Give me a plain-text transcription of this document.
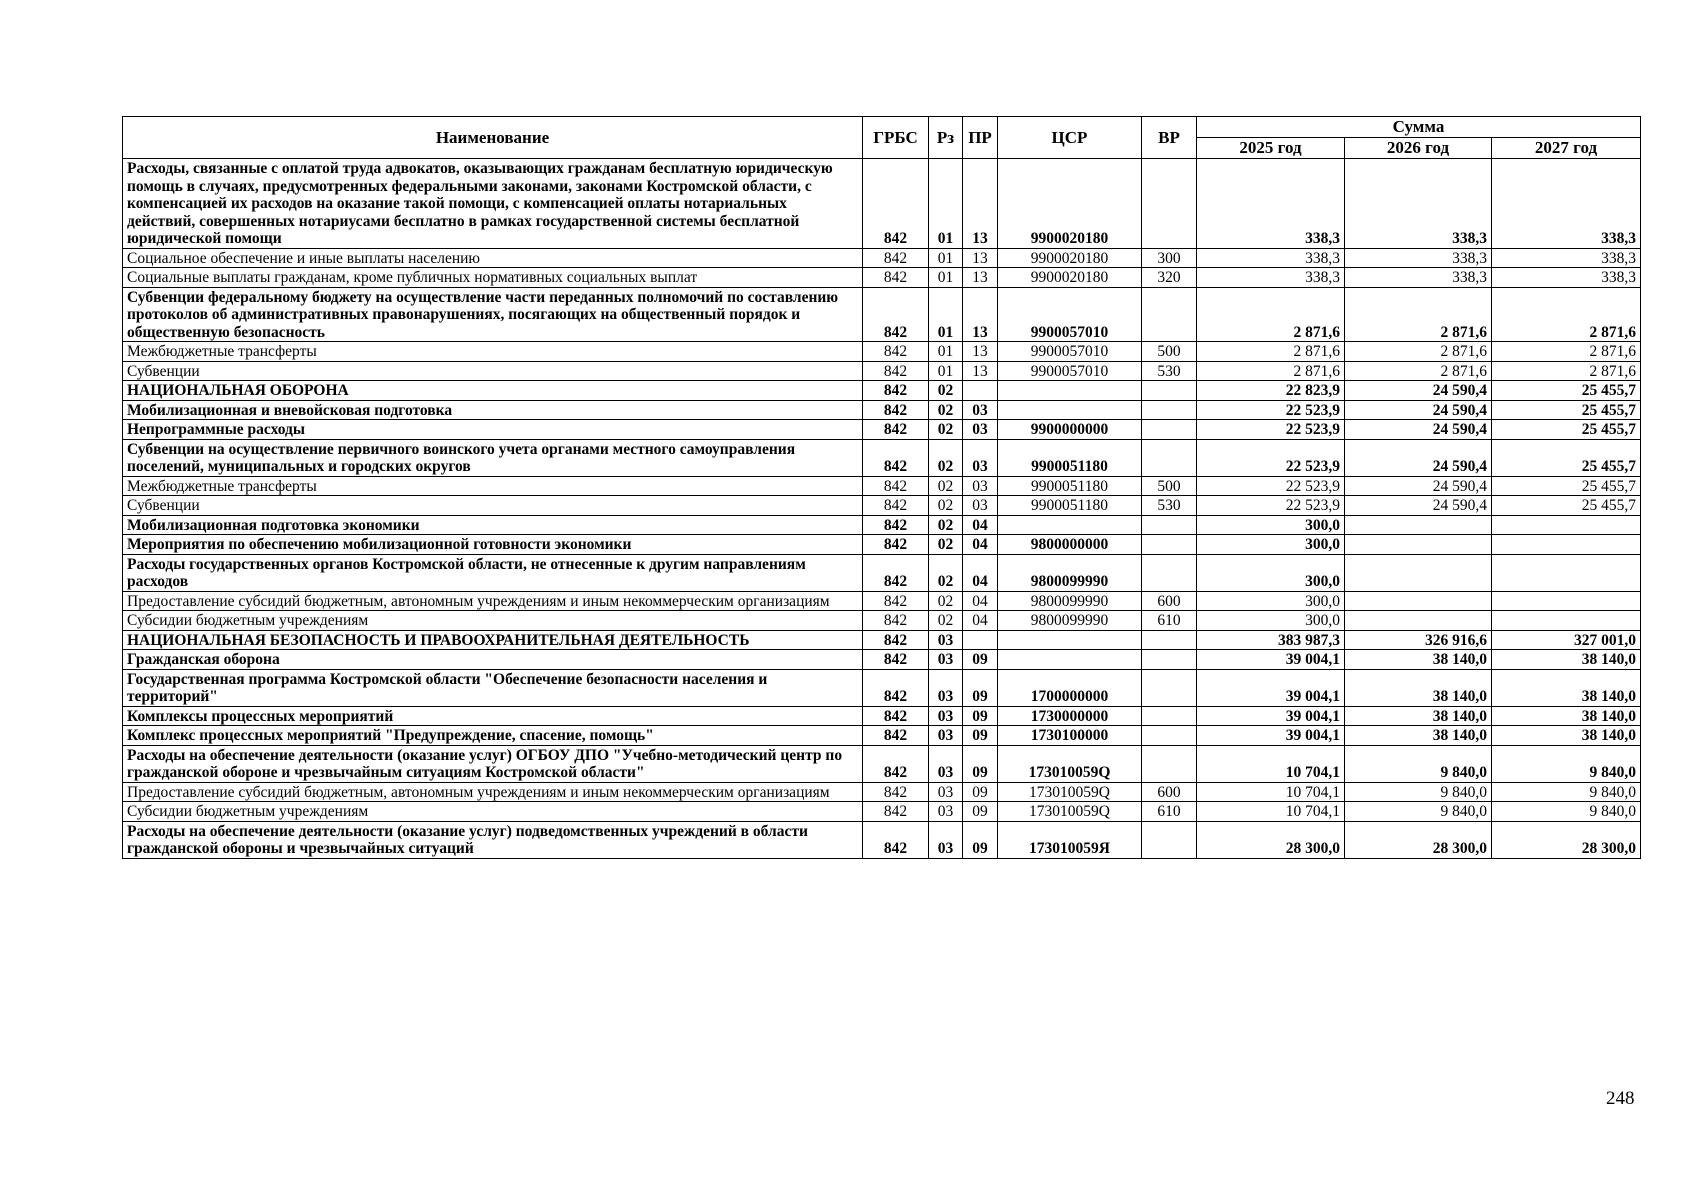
Наименование	ГРБС	Рз	ПР	ЦСР	ВР	Сумма		
						2025 год	2026 год	2027 год
Расходы, связанные с оплатой труда адвокатов, оказывающих гражданам бесплатную юридическую помощь в случаях, предусмотренных федеральными законами, законами Костромской области, с компенсацией их расходов на оказание такой помощи, с компенсацией оплаты нотариальных действий, совершенных нотариусами бесплатно в рамках государственной системы бесплатной юридической помощи	842	01	13	9900020180		338,3	338,3	338,3
Социальное обеспечение и иные выплаты населению	842	01	13	9900020180	300	338,3	338,3	338,3
Социальные выплаты гражданам, кроме публичных нормативных социальных выплат	842	01	13	9900020180	320	338,3	338,3	338,3
Субвенции федеральному бюджету на осуществление части переданных полномочий по составлению протоколов об административных правонарушениях, посягающих на общественный порядок и общественную безопасность	842	01	13	9900057010		2 871,6	2 871,6	2 871,6
Межбюджетные трансферты	842	01	13	9900057010	500	2 871,6	2 871,6	2 871,6
Субвенции	842	01	13	9900057010	530	2 871,6	2 871,6	2 871,6
НАЦИОНАЛЬНАЯ ОБОРОНА	842	02				22 823,9	24 590,4	25 455,7
Мобилизационная и вневойсковая подготовка	842	02	03			22 523,9	24 590,4	25 455,7
Непрограммные расходы	842	02	03	9900000000		22 523,9	24 590,4	25 455,7
Субвенции на осуществление первичного воинского учета органами местного самоуправления поселений, муниципальных и городских округов	842	02	03	9900051180		22 523,9	24 590,4	25 455,7
Межбюджетные трансферты	842	02	03	9900051180	500	22 523,9	24 590,4	25 455,7
Субвенции	842	02	03	9900051180	530	22 523,9	24 590,4	25 455,7
Мобилизационная подготовка экономики	842	02	04			300,0		
Мероприятия по обеспечению мобилизационной готовности экономики	842	02	04	9800000000		300,0		
Расходы государственных органов Костромской области, не отнесенные к другим направлениям расходов	842	02	04	9800099990		300,0		
Предоставление субсидий бюджетным, автономным учреждениям и иным некоммерческим организациям	842	02	04	9800099990	600	300,0		
Субсидии бюджетным учреждениям	842	02	04	9800099990	610	300,0		
НАЦИОНАЛЬНАЯ БЕЗОПАСНОСТЬ И ПРАВООХРАНИТЕЛЬНАЯ ДЕЯТЕЛЬНОСТЬ	842	03				383 987,3	326 916,6	327 001,0
Гражданская оборона	842	03	09			39 004,1	38 140,0	38 140,0
Государственная программа Костромской области "Обеспечение безопасности населения и территорий"	842	03	09	1700000000		39 004,1	38 140,0	38 140,0
Комплексы процессных мероприятий	842	03	09	1730000000		39 004,1	38 140,0	38 140,0
Комплекс процессных мероприятий "Предупреждение, спасение, помощь"	842	03	09	1730100000		39 004,1	38 140,0	38 140,0
Расходы на обеспечение деятельности (оказание услуг) ОГБОУ ДПО "Учебно-методический центр по гражданской обороне и чрезвычайным ситуациям Костромской области"	842	03	09	173010059Q		10 704,1	9 840,0	9 840,0
Предоставление субсидий бюджетным, автономным учреждениям и иным некоммерческим организациям	842	03	09	173010059Q	600	10 704,1	9 840,0	9 840,0
Субсидии бюджетным учреждениям	842	03	09	173010059Q	610	10 704,1	9 840,0	9 840,0
Расходы на обеспечение деятельности (оказание услуг) подведомственных учреждений в области гражданской обороны и чрезвычайных ситуаций	842	03	09	173010059Я		28 300,0	28 300,0	28 300,0
248
